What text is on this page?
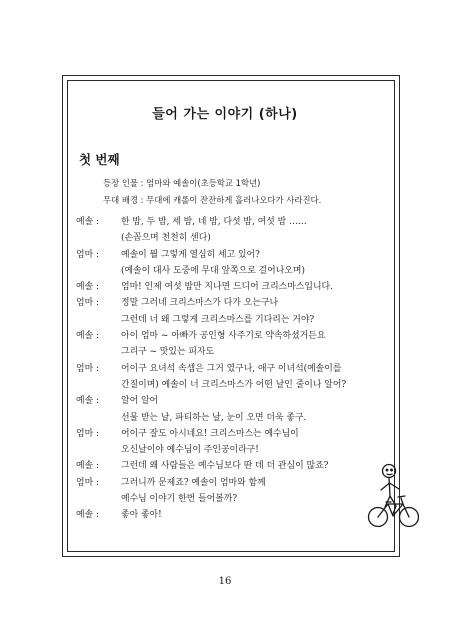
들어 가는 이야기 (하나)
첫 번째
등장 인물 : 엄마와 예솔이(초등학교 1학년)
무대 배경 : 무대에 캐롤이 잔잔하게 흘러나오다가 사라진다.
예솔 :	한 밤, 두 밤, 세 밤, 네 밤, 다섯 밤, 여섯 밤 ……
(손꼽으며 천천히 센다)
엄마 :	예솔이 뭘 그렇게 열심히 세고 있어?
(예솔이 대사 도중에 무대 앞쪽으로 걸어나오며)
예솔 :	엄마! 인제 여섯 밤만 지나면 드디어 크리스마스입니다.
엄마 :	정말 그러네 크리스마스가 다가 오는구나
그런데 너 왜 그렇게 크리스마스를 기다리는 거야?
예솔 :	아이 엄마 ~ 아빠가 공인형 사주기로 약속하셨거든요
그리구 ~ 맛있는 피자도
엄마 :	어이구 요녀석 속셈은 그거 였구나, 애구 이녀석(예솔이를
간질이며) 예솔이 너 크리스마스가 어떤 날인 줄이나 알어?
예솔 :	알어 알어
선물 받는 날, 파티하는 날, 눈이 오면 더욱 좋구.
엄마 :	어이구 잘도 아시네요! 크리스마스는 예수님이
오신날이야 예수님이 주인공이라구!
예솔 :	그런데 왜 사람들은 예수님보다 딴 데 더 관심이 많죠?
엄마 :	그러니까 문제죠? 예솔이 엄마와 함께
예수님 이야기 한번 들어볼까?
예솔 :	좋아 좋아!
16
